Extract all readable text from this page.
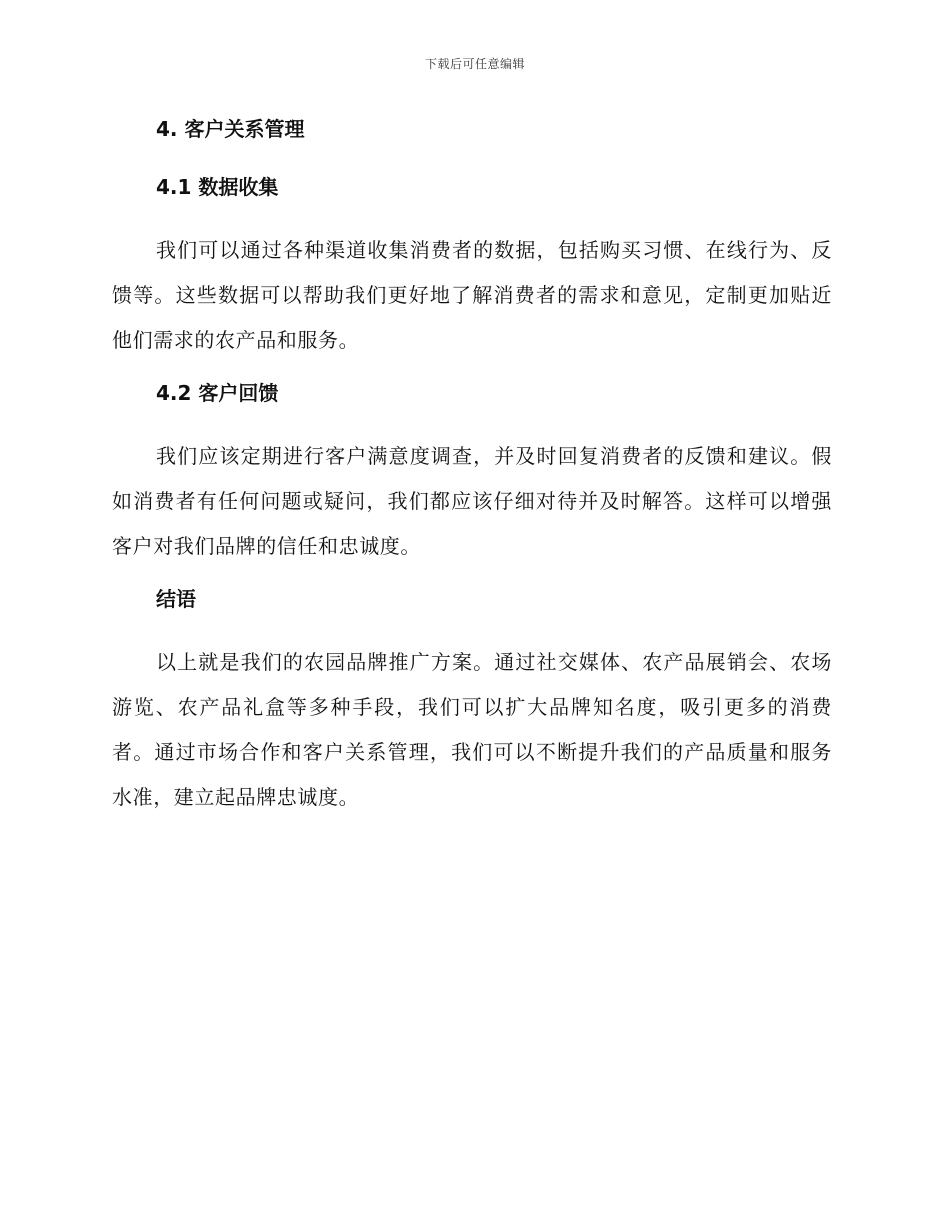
下载后可任意编辑
4. 客户关系管理
4.1 数据收集

我们可以通过各种渠道收集消费者的数据，包括购买习惯、在线行为、反馈等。这些数据可以帮助我们更好地了解消费者的需求和意见，定制更加贴近他们需求的农产品和服务。

4.2 客户回馈

我们应该定期进行客户满意度调查，并及时回复消费者的反馈和建议。假如消费者有任何问题或疑问，我们都应该仔细对待并及时解答。这样可以增强客户对我们品牌的信任和忠诚度。

结语

以上就是我们的农园品牌推广方案。通过社交媒体、农产品展销会、农场游览、农产品礼盒等多种手段，我们可以扩大品牌知名度，吸引更多的消费者。通过市场合作和客户关系管理，我们可以不断提升我们的产品质量和服务水准，建立起品牌忠诚度。
